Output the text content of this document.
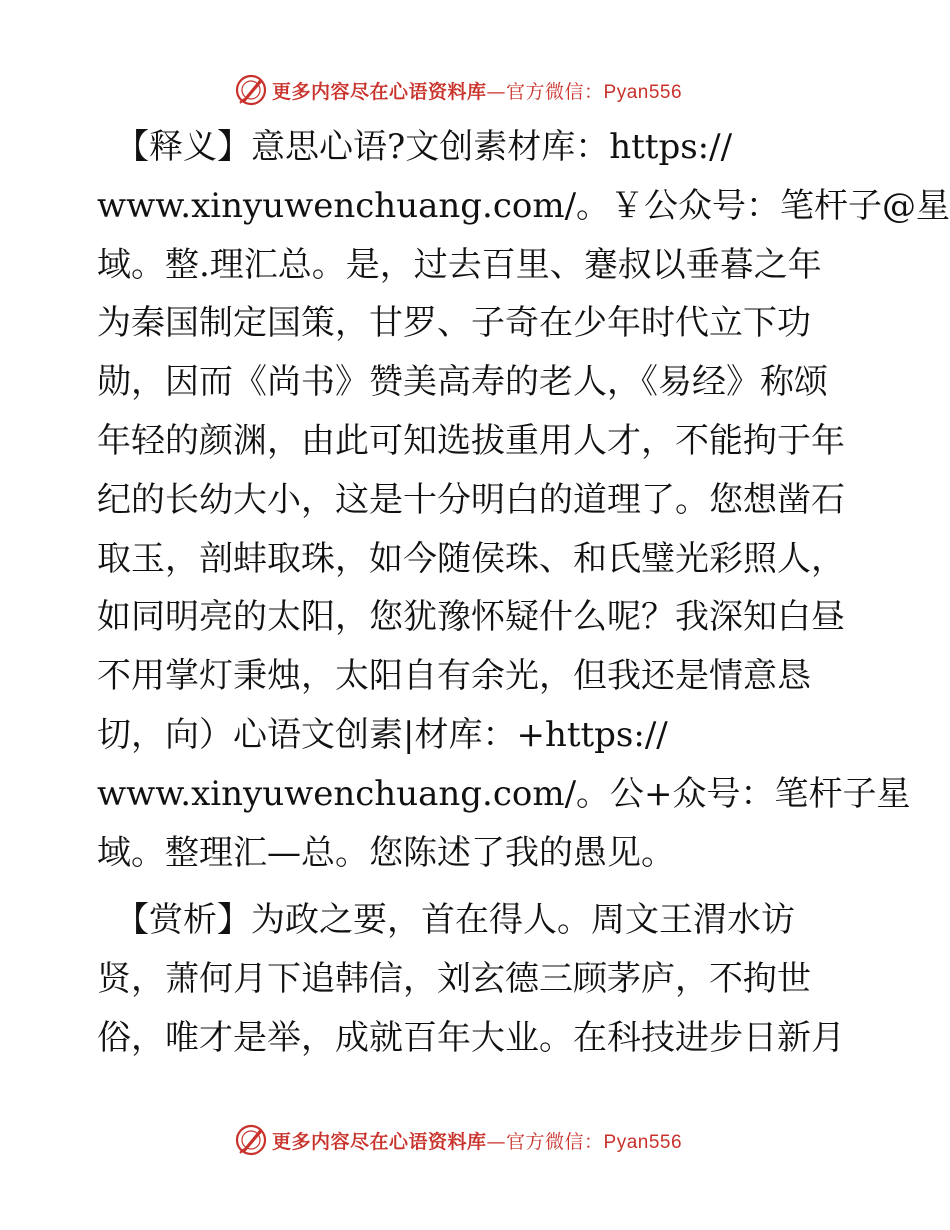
更多内容尽在心语资料库—官方微信：Pyan556
【释义】意思心语?文创素材库：https://
www.xinyuwenchuang.com/。￥公众号：笔杆子@星
域。整.理汇总。是，过去百里、蹇叔以垂暮之年
为秦国制定国策，甘罗、子奇在少年时代立下功
勋，因而《尚书》赞美高寿的老人，《易经》称颂
年轻的颜渊，由此可知选拔重用人才，不能拘于年
纪的长幼大小，这是十分明白的道理了。您想凿石
取玉，剖蚌取珠，如今随侯珠、和氏璧光彩照人，
如同明亮的太阳，您犹豫怀疑什么呢？我深知白昼
不用掌灯秉烛，太阳自有余光，但我还是情意恳
切，向）心语文创素|材库：+https://
www.xinyuwenchuang.com/。公+众号：笔杆子星
域。整理汇—总。您陈述了我的愚见。
【赏析】为政之要，首在得人。周文王渭水访
贤，萧何月下追韩信，刘玄德三顾茅庐，不拘世
俗，唯才是举，成就百年大业。在科技进步日新月
更多内容尽在心语资料库—官方微信：Pyan556
